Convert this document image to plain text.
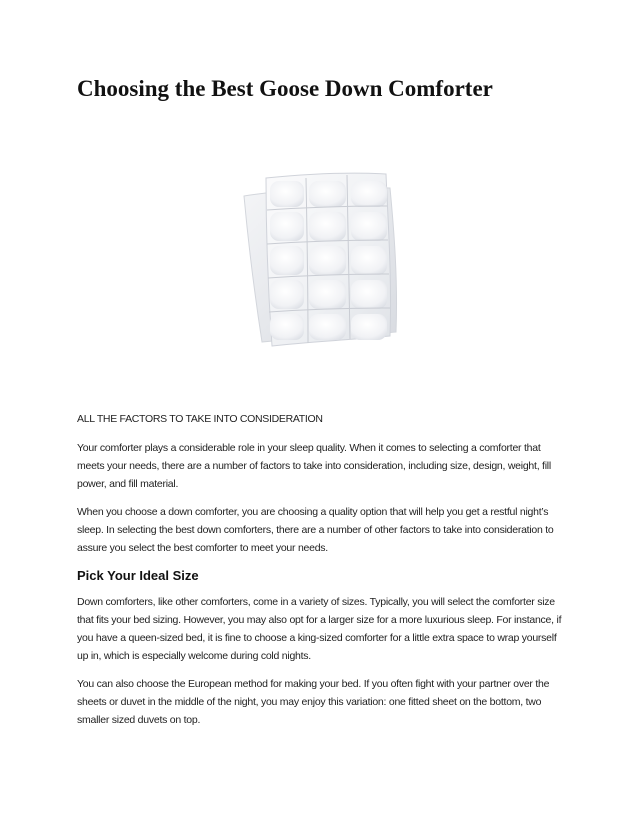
Choosing the Best Goose Down Comforter

ALL THE FACTORS TO TAKE INTO CONSIDERATION

Your comforter plays a considerable role in your sleep quality. When it comes to selecting a comforter that meets your needs, there are a number of factors to take into consideration, including size, design, weight, fill power, and fill material.

When you choose a down comforter, you are choosing a quality option that will help you get a restful night’s sleep. In selecting the best down comforters, there are a number of other factors to take into consideration to assure you select the best comforter to meet your needs.

Pick Your Ideal Size

Down comforters, like other comforters, come in a variety of sizes. Typically, you will select the comforter size that fits your bed sizing. However, you may also opt for a larger size for a more luxurious sleep. For instance, if you have a queen-sized bed, it is fine to choose a king-sized comforter for a little extra space to wrap yourself up in, which is especially welcome during cold nights.

You can also choose the European method for making your bed. If you often fight with your partner over the sheets or duvet in the middle of the night, you may enjoy this variation: one fitted sheet on the bottom, two smaller sized duvets on top.
